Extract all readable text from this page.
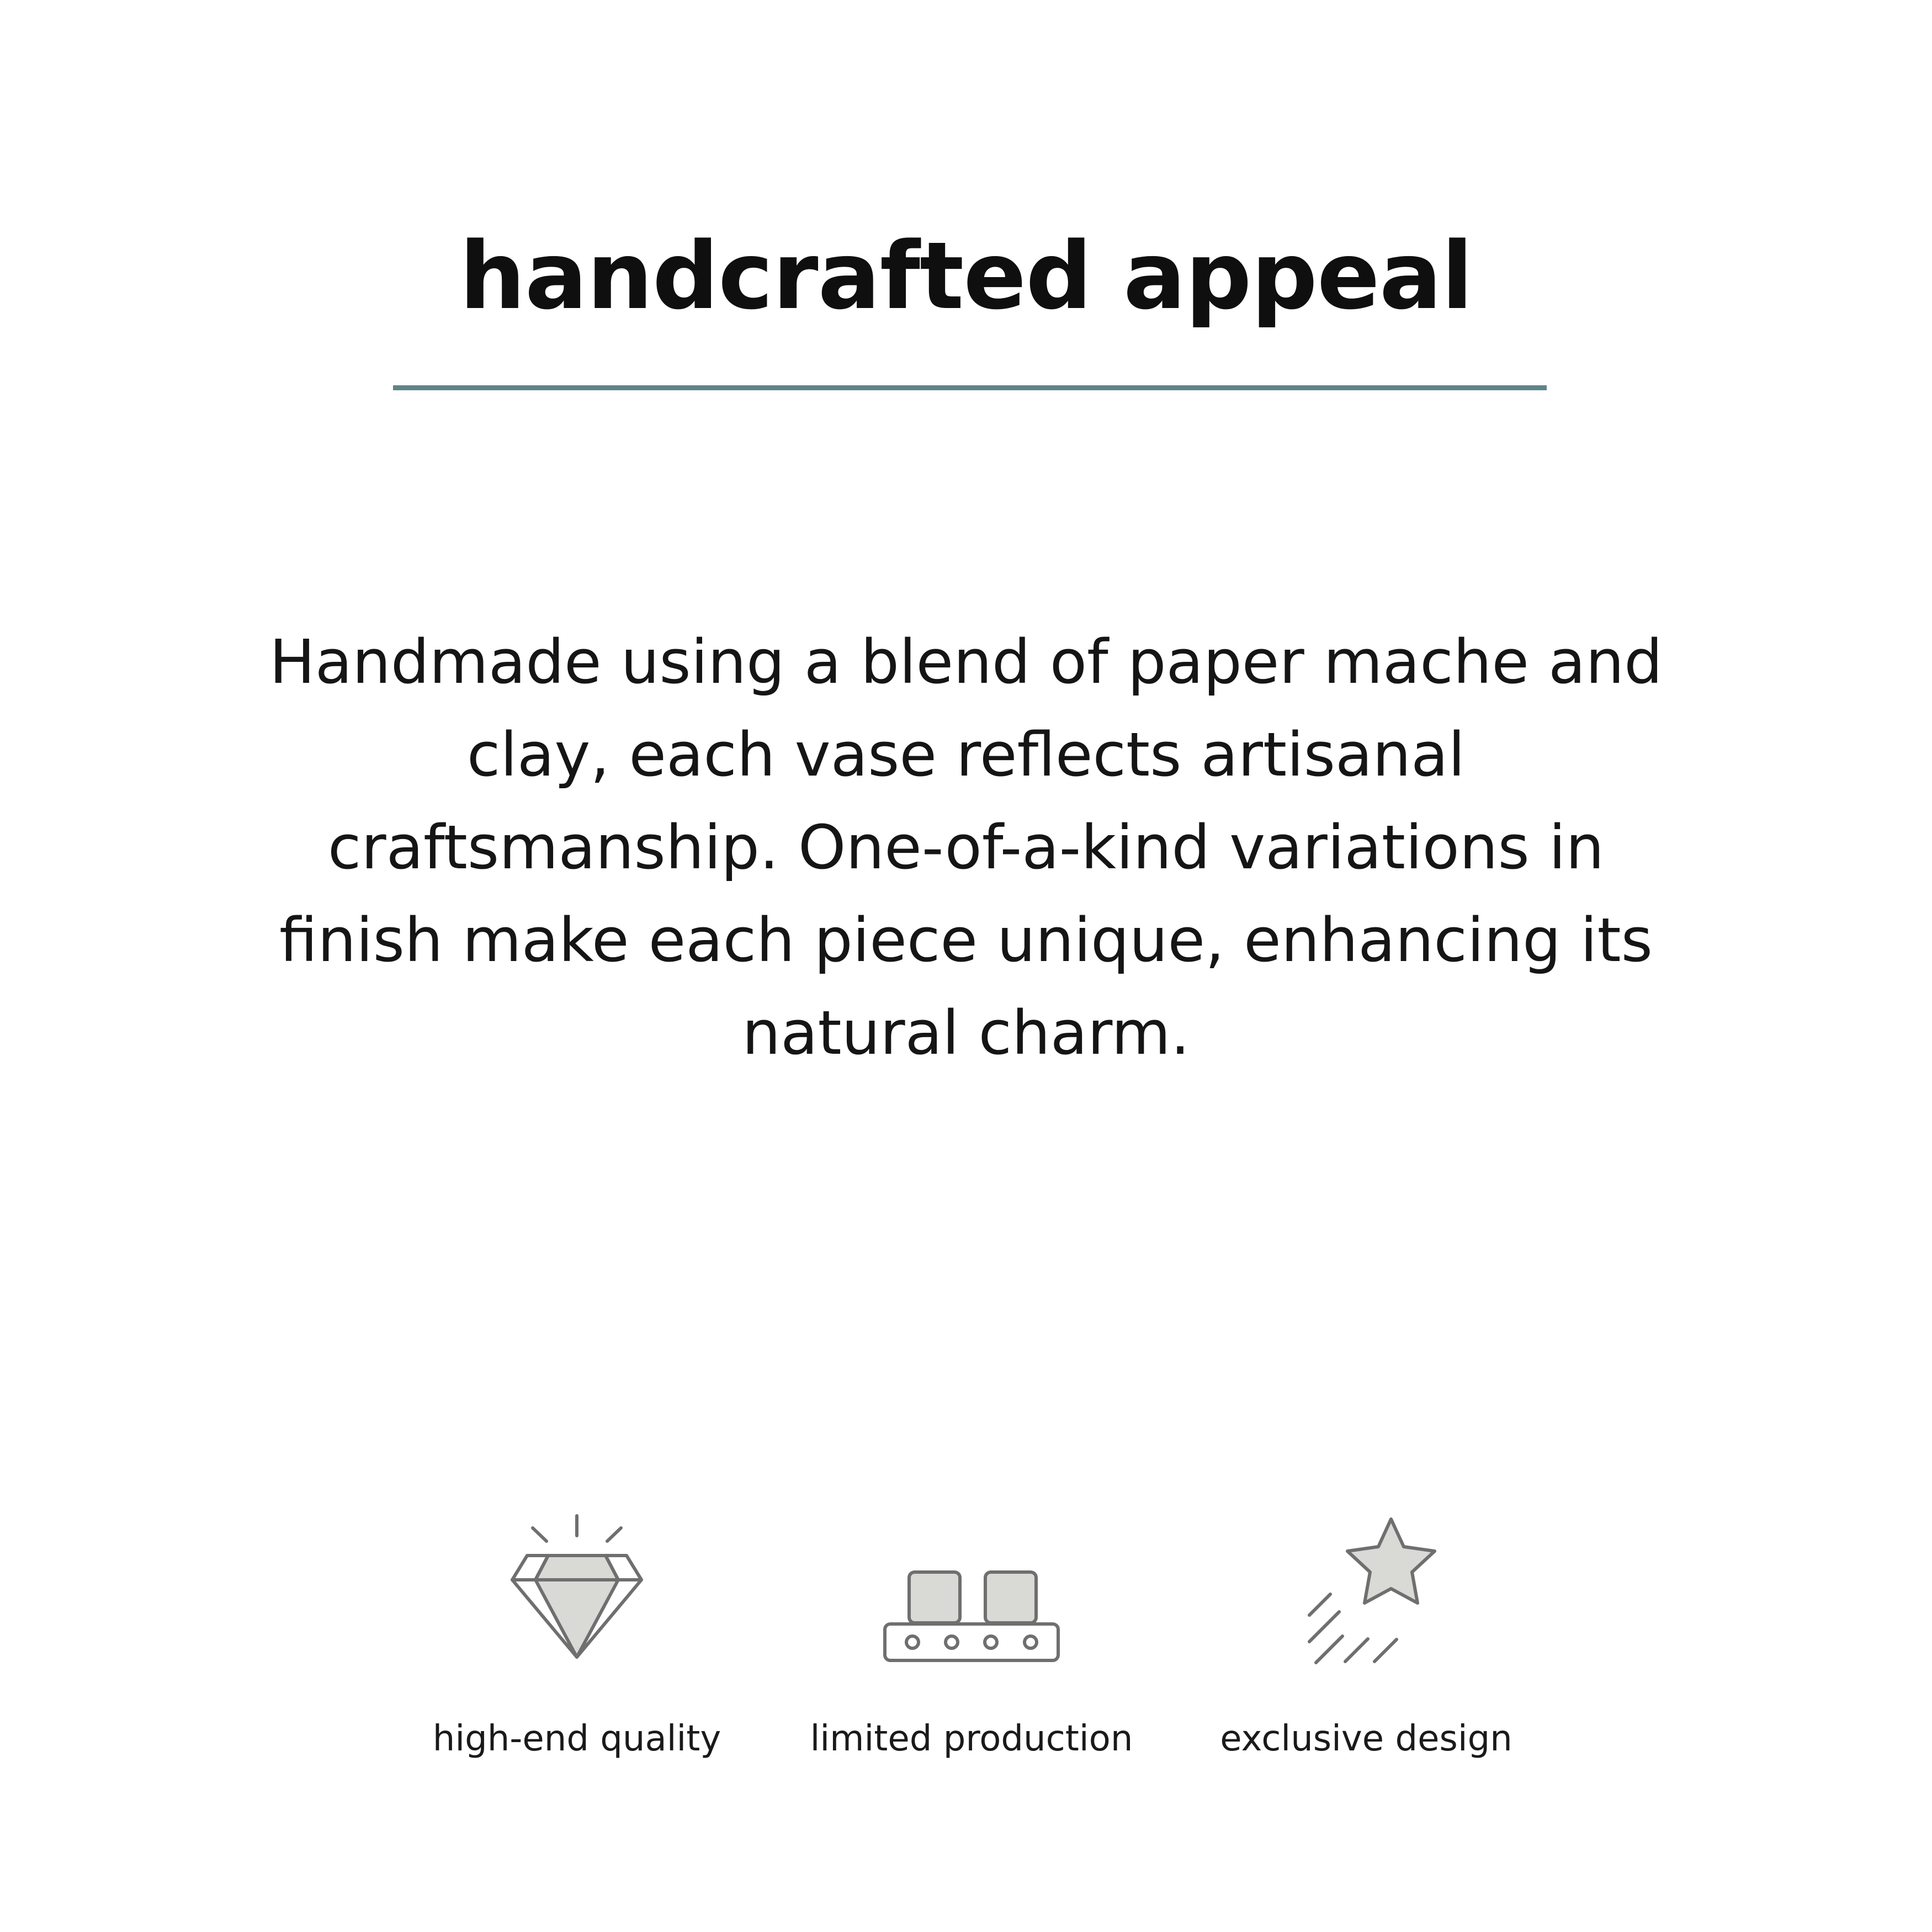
handcrafted appeal
Handmade using a blend of paper mache and clay, each vase reflects artisanal craftsmanship. One-of-a-kind variations in finish make each piece unique, enhancing its natural charm.
high-end quality	limited production	exclusive design
